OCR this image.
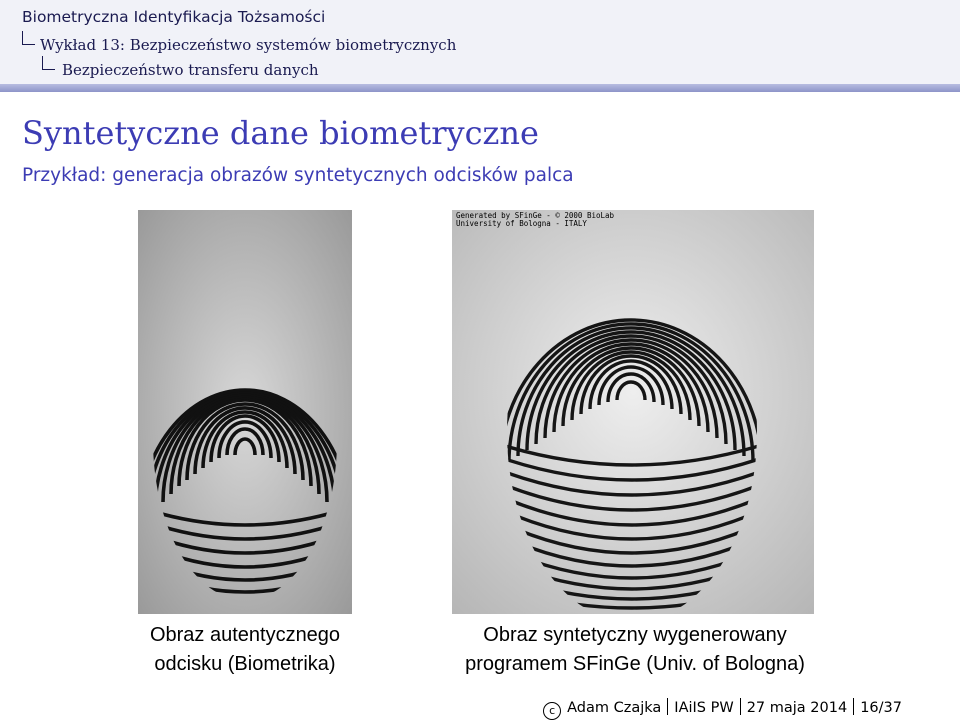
Biometryczna Identyfikacja Tożsamości
Wykład 13: Bezpieczeństwo systemów biometrycznych
Bezpieczeństwo transferu danych
Syntetyczne dane biometryczne
Przykład: generacja obrazów syntetycznych odcisków palca
Generated by SFinGe - © 2000 BioLab
University of Bologna - ITALY
Obraz autentycznego
odcisku (Biometrika)
Obraz syntetyczny wygenerowany
programem SFinGe (Univ. of Bologna)
c Adam Czajka IAiIS PW 27 maja 2014 16/37
